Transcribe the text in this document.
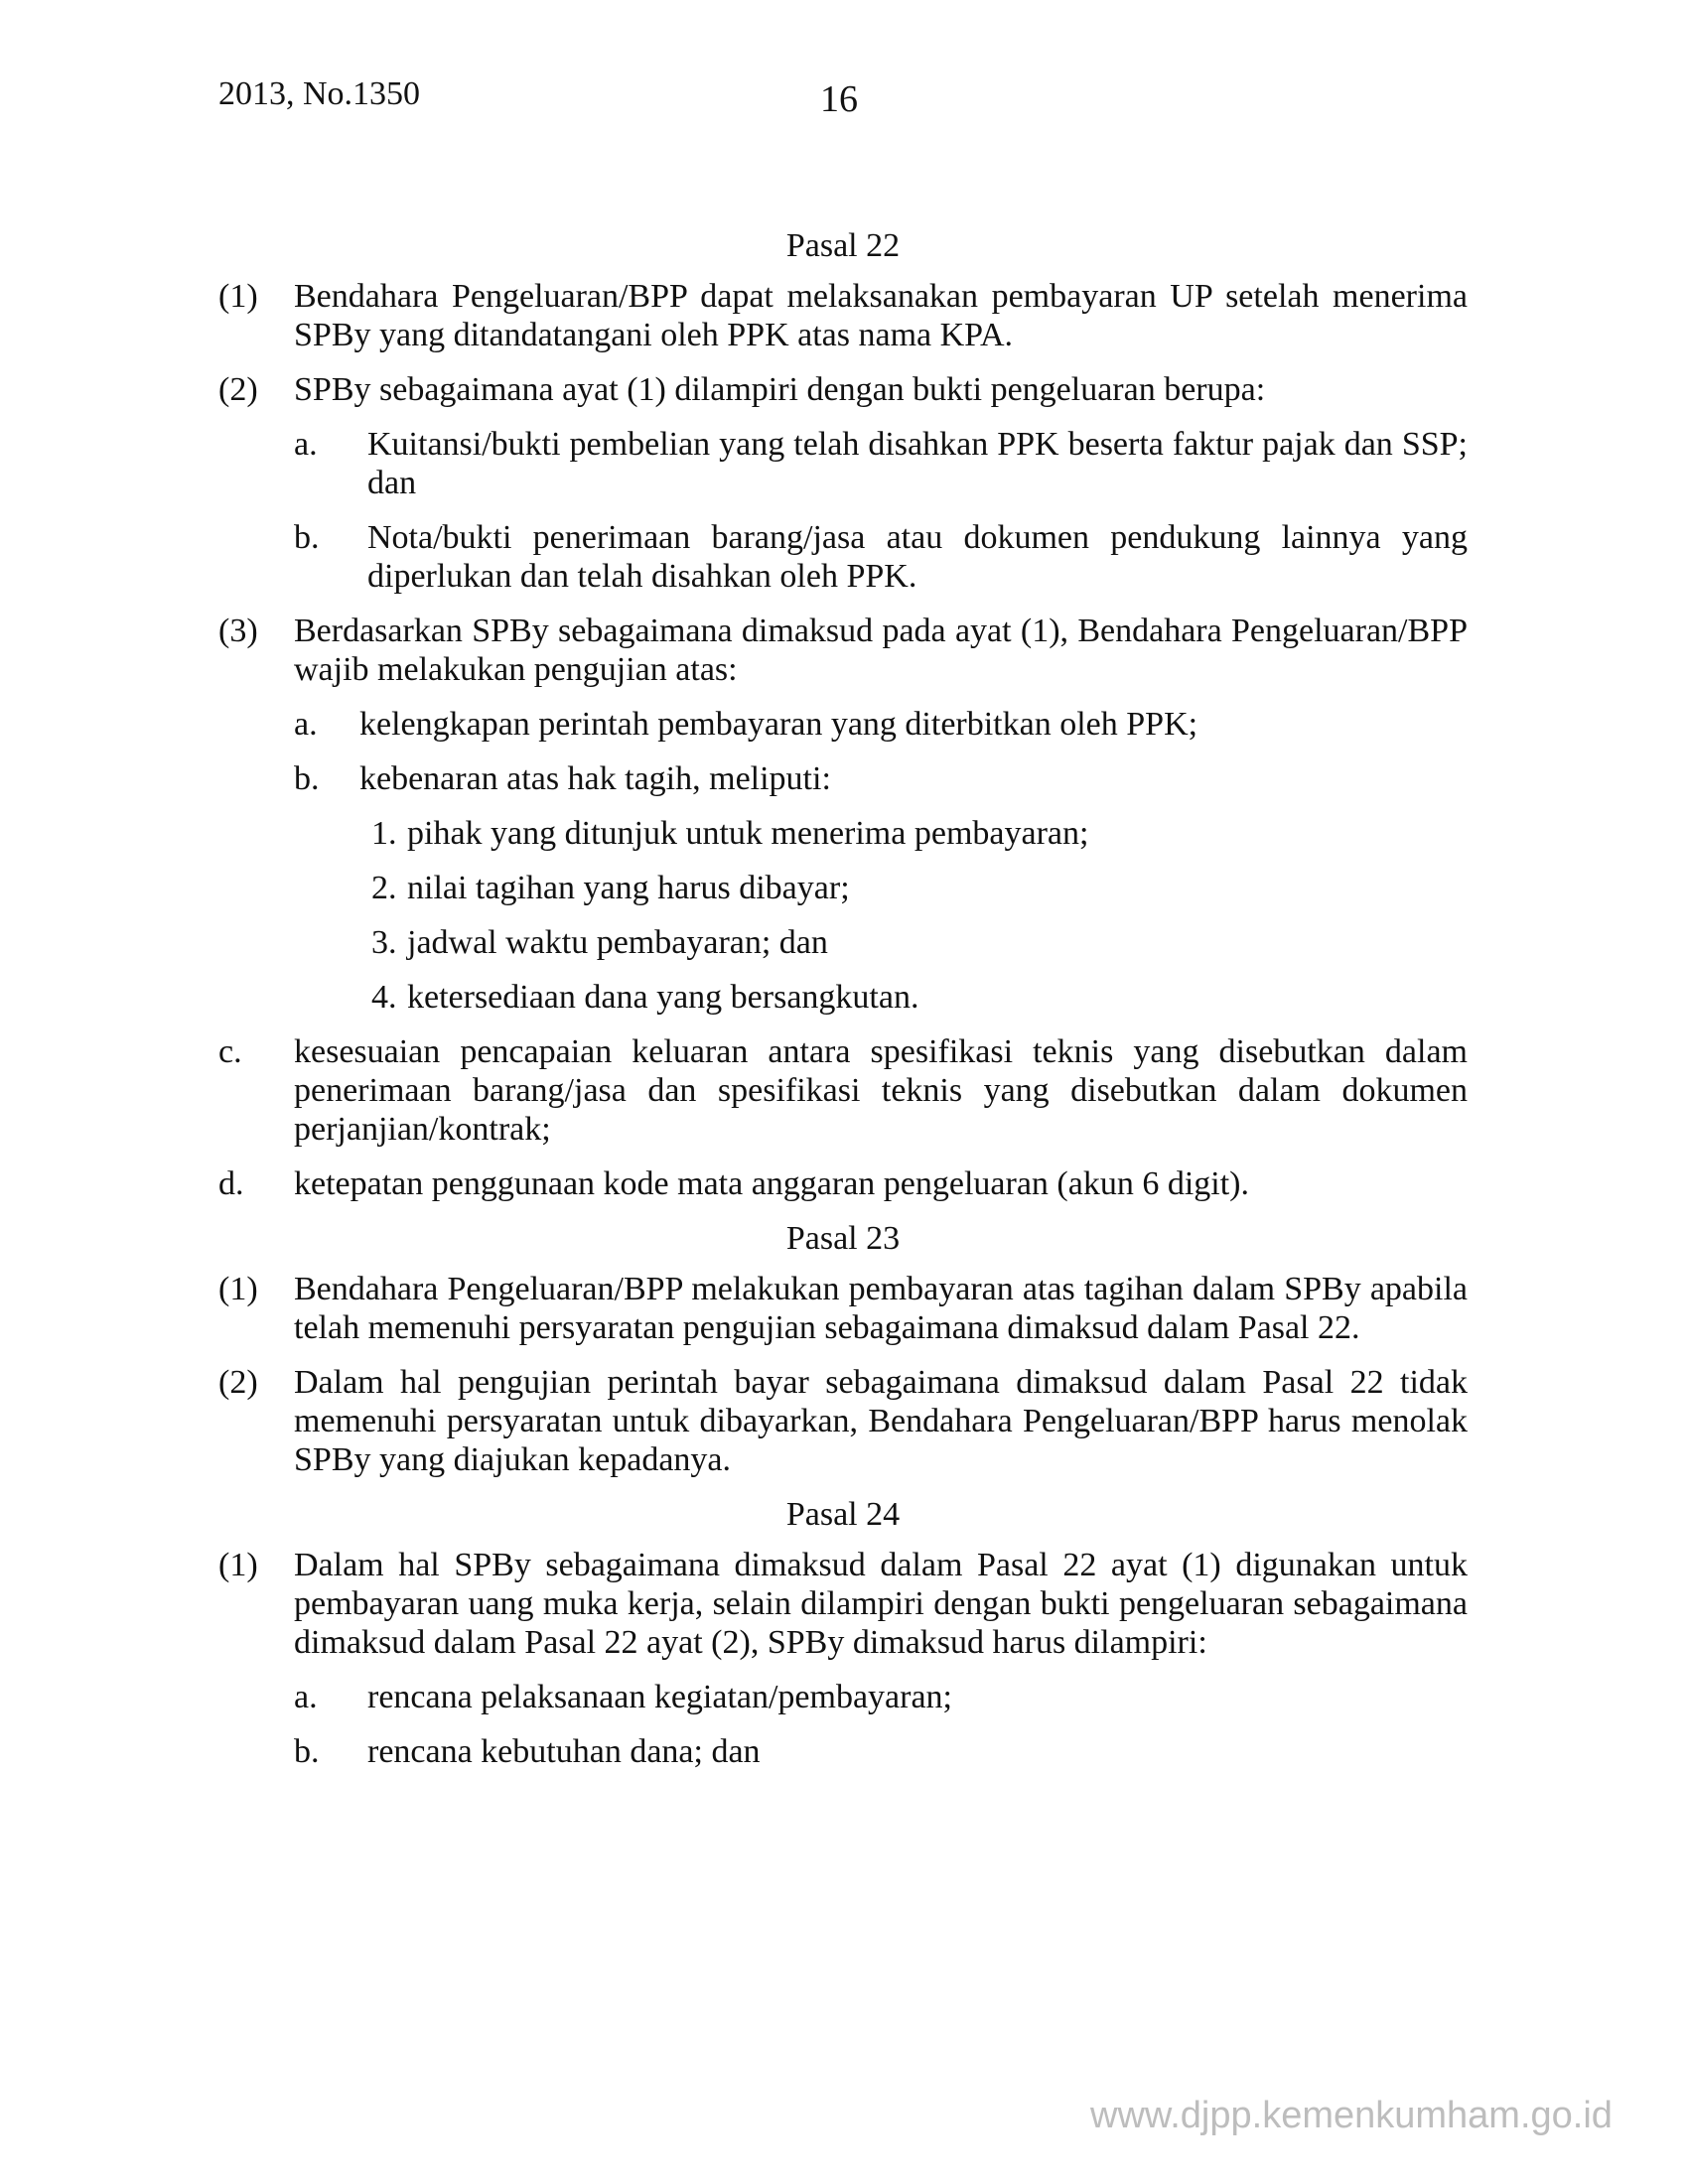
2013, No.1350	16
Pasal 22
(1)	Bendahara Pengeluaran/BPP dapat melaksanakan pembayaran UP setelah menerima SPBy yang ditandatangani oleh PPK atas nama KPA.
(2)	SPBy sebagaimana ayat (1) dilampiri dengan bukti pengeluaran berupa:
a.	Kuitansi/bukti pembelian yang telah disahkan PPK beserta faktur pajak dan SSP; dan
b.	Nota/bukti penerimaan barang/jasa atau dokumen pendukung lainnya yang diperlukan dan telah disahkan oleh PPK.
(3)	Berdasarkan SPBy sebagaimana dimaksud pada ayat (1), Bendahara Pengeluaran/BPP wajib melakukan pengujian atas:
a.	kelengkapan perintah pembayaran yang diterbitkan oleh PPK;
b.	kebenaran atas hak tagih, meliputi:
1. pihak yang ditunjuk untuk menerima pembayaran;
2. nilai tagihan yang harus dibayar;
3. jadwal waktu pembayaran; dan
4. ketersediaan dana yang bersangkutan.
c.	kesesuaian pencapaian keluaran antara spesifikasi teknis yang disebutkan dalam penerimaan barang/jasa dan spesifikasi teknis yang disebutkan dalam dokumen perjanjian/kontrak;
d.	ketepatan penggunaan kode mata anggaran pengeluaran (akun 6 digit).
Pasal 23
(1)	Bendahara Pengeluaran/BPP melakukan pembayaran atas tagihan dalam SPBy apabila telah memenuhi persyaratan pengujian sebagaimana dimaksud dalam Pasal 22.
(2)	Dalam hal pengujian perintah bayar sebagaimana dimaksud dalam Pasal 22 tidak memenuhi persyaratan untuk dibayarkan, Bendahara Pengeluaran/BPP harus menolak SPBy yang diajukan kepadanya.
Pasal 24
(1)	Dalam hal SPBy sebagaimana dimaksud dalam Pasal 22 ayat (1) digunakan untuk pembayaran uang muka kerja, selain dilampiri dengan bukti pengeluaran sebagaimana dimaksud dalam Pasal 22 ayat (2), SPBy dimaksud harus dilampiri:
a.	rencana pelaksanaan kegiatan/pembayaran;
b.	rencana kebutuhan dana; dan
www.djpp.kemenkumham.go.id
